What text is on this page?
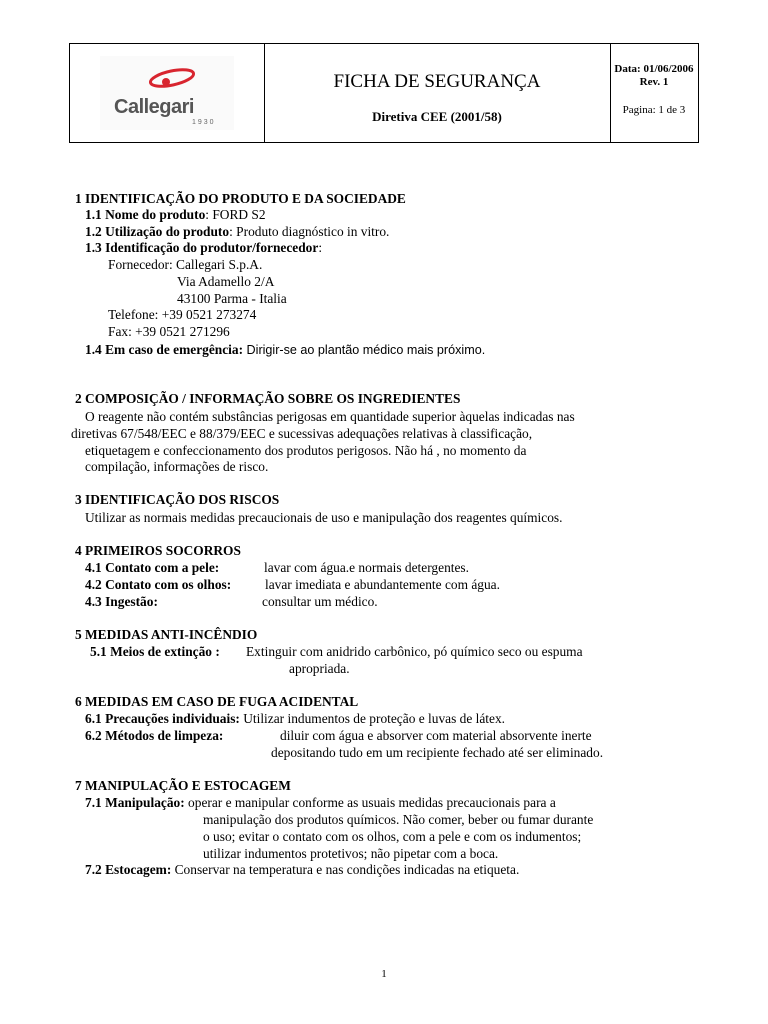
Callegari
1930
FICHA DE SEGURANÇA
Diretiva CEE (2001/58)
Data: 01/06/2006
Rev. 1
Pagina: 1 de 3
1 IDENTIFICAÇÃO DO PRODUTO E DA SOCIEDADE
1.1 Nome do produto: FORD S2
1.2 Utilização do produto: Produto diagnóstico in vitro.
1.3 Identificação do produtor/fornecedor:
Fornecedor: Callegari S.p.A.
Via Adamello 2/A
43100 Parma - Italia
Telefone: +39 0521 273274
Fax: +39 0521 271296
1.4 Em caso de emergência: Dirigir-se ao plantão médico mais próximo.
2 COMPOSIÇÃO / INFORMAÇÃO SOBRE OS INGREDIENTES
O reagente não contém substâncias perigosas em quantidade superior àquelas indicadas nas
diretivas 67/548/EEC e 88/379/EEC e sucessivas adequações relativas à classificação,
etiquetagem e confeccionamento dos produtos perigosos. Não há , no momento da
compilação, informações de risco.
3 IDENTIFICAÇÃO DOS RISCOS
Utilizar as normais medidas precaucionais de uso e manipulação dos reagentes químicos.
4 PRIMEIROS SOCORROS
4.1 Contato com a pele:	lavar com água.e normais detergentes.
4.2 Contato com os olhos:	lavar imediata e abundantemente com água.
4.3 Ingestão:	consultar um médico.
5 MEDIDAS ANTI-INCÊNDIO
5.1 Meios de extinção : Extinguir com anidrido carbônico, pó químico seco ou espuma
apropriada.
6 MEDIDAS EM CASO DE FUGA ACIDENTAL
6.1 Precauções individuais: Utilizar indumentos de proteção e luvas de látex.
6.2 Métodos de limpeza:	diluir com água e absorver com material absorvente inerte
depositando tudo em um recipiente fechado até ser eliminado.
7 MANIPULAÇÃO E ESTOCAGEM
7.1 Manipulação: operar e manipular conforme as usuais medidas precaucionais para a
manipulação dos produtos químicos. Não comer, beber ou fumar durante
o uso; evitar o contato com os olhos, com a pele e com os indumentos;
utilizar indumentos protetivos; não pipetar com a boca.
7.2 Estocagem: Conservar na temperatura e nas condições indicadas na etiqueta.
1
